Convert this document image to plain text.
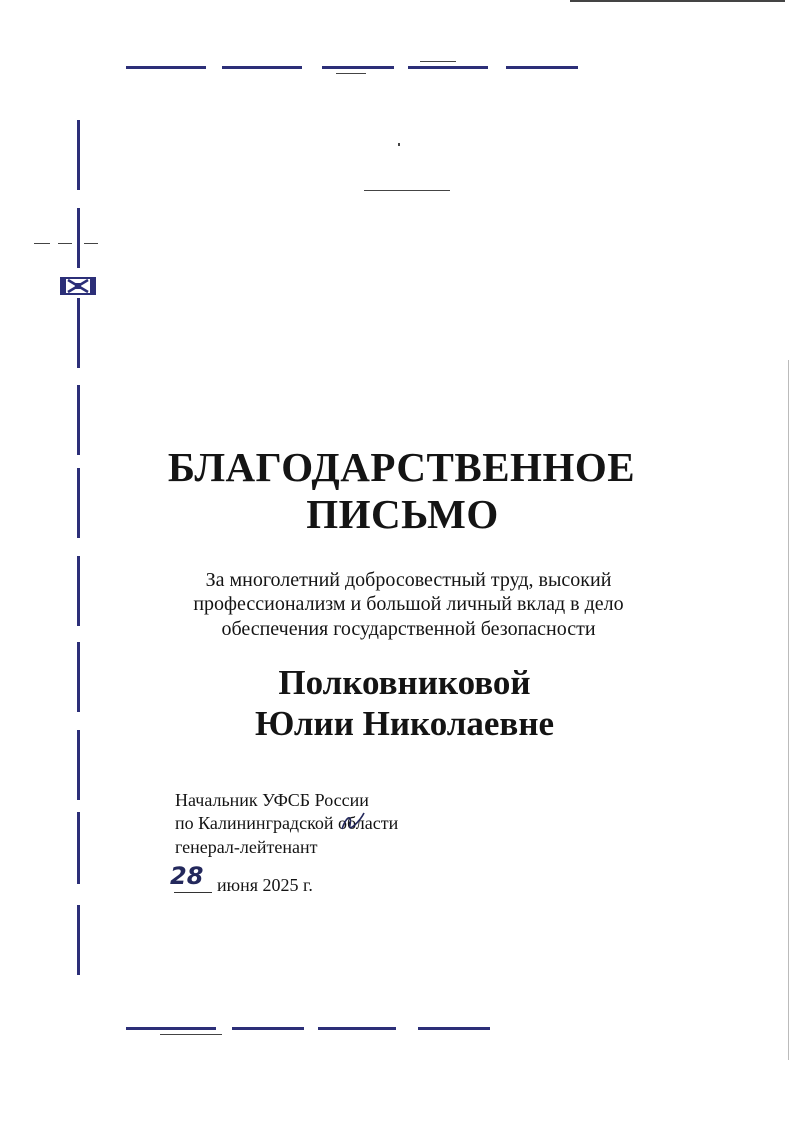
БЛАГОДАРСТВЕННОЕ
ПИСЬМО
За многолетний добросовестный труд, высокий
профессионализм и большой личный вклад в дело
обеспечения государственной безопасности
Полковниковой
Юлии Николаевне
Начальник УФСБ России
по Калининградской области
генерал-лейтенант
28 июня 2025 г.
